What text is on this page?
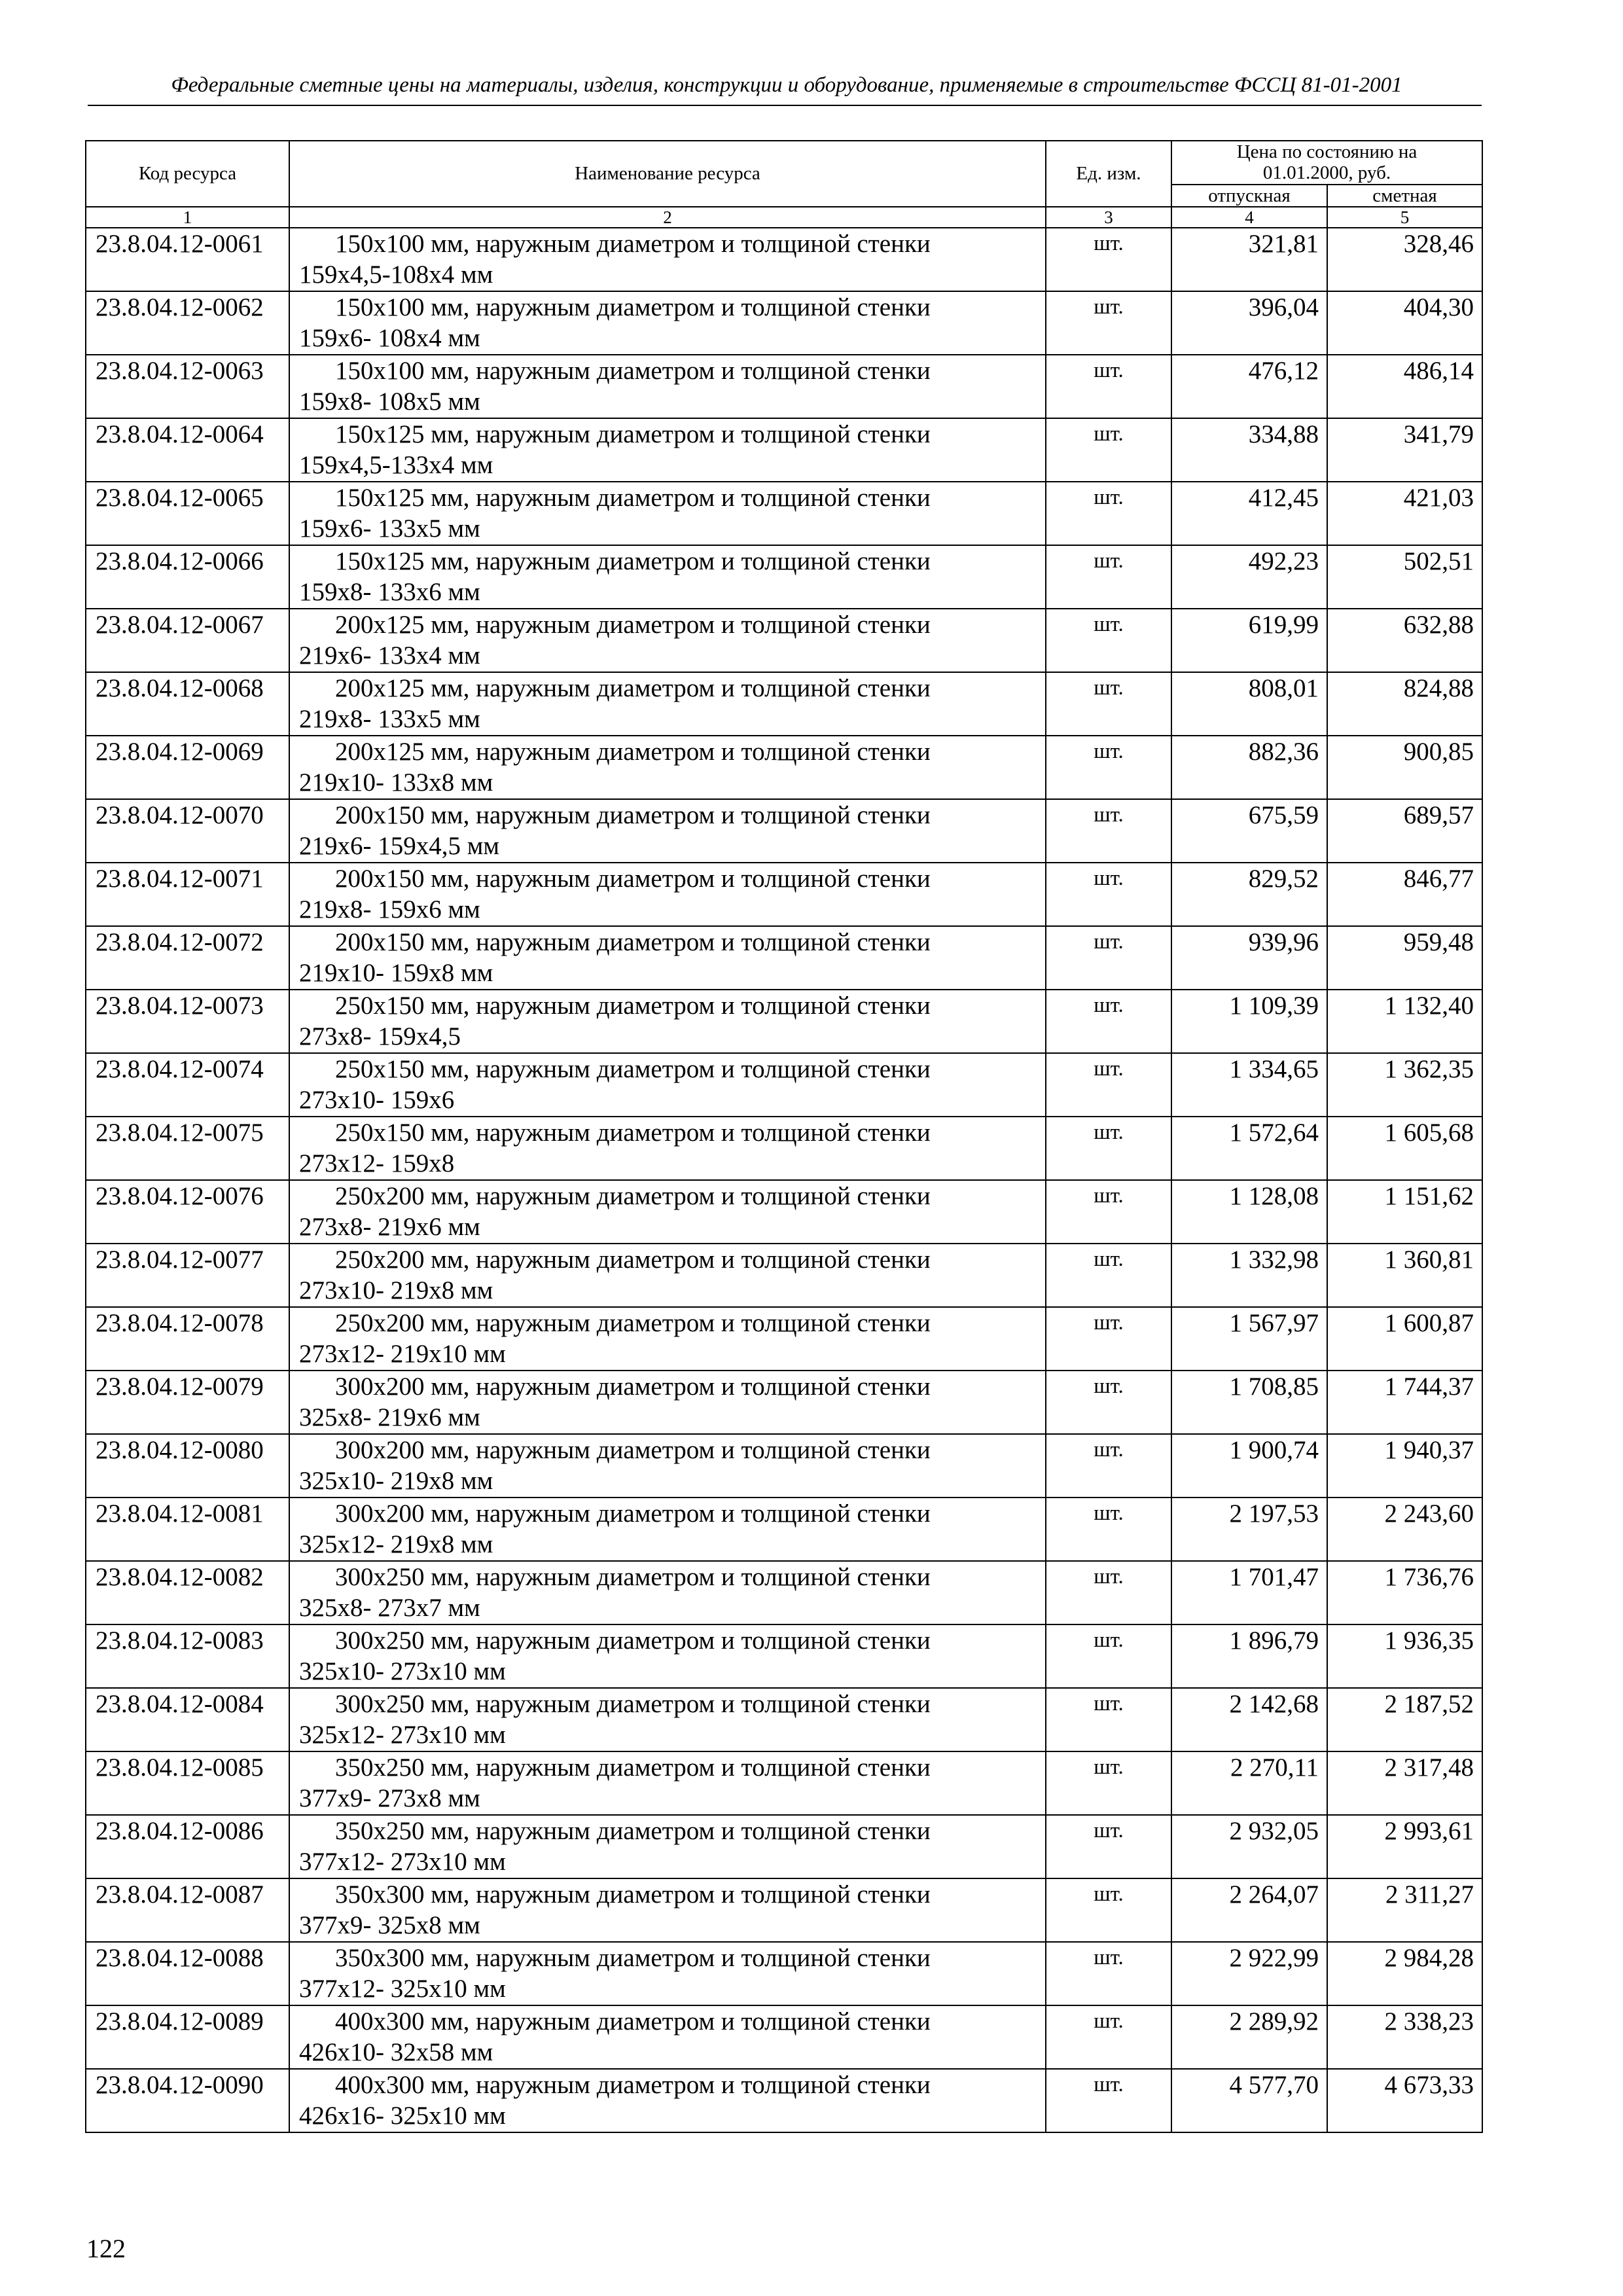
Федеральные сметные цены на материалы, изделия, конструкции и оборудование, применяемые в строительстве ФССЦ 81-01-2001
Код ресурса	Наименование ресурса	Ед. изм.	Цена по состоянию на
01.01.2000, руб.	
			отпускная	сметная
1	2	3	4	5
23.8.04.12-0061	150x100 мм, наружным диаметром и толщиной стенки
159x4,5-108x4 мм	шт.	321,81	328,46
23.8.04.12-0062	150x100 мм, наружным диаметром и толщиной стенки
159x6- 108x4 мм	шт.	396,04	404,30
23.8.04.12-0063	150x100 мм, наружным диаметром и толщиной стенки
159x8- 108x5 мм	шт.	476,12	486,14
23.8.04.12-0064	150x125 мм, наружным диаметром и толщиной стенки
159x4,5-133x4 мм	шт.	334,88	341,79
23.8.04.12-0065	150x125 мм, наружным диаметром и толщиной стенки
159x6- 133x5 мм	шт.	412,45	421,03
23.8.04.12-0066	150x125 мм, наружным диаметром и толщиной стенки
159x8- 133x6 мм	шт.	492,23	502,51
23.8.04.12-0067	200x125 мм, наружным диаметром и толщиной стенки
219x6- 133x4 мм	шт.	619,99	632,88
23.8.04.12-0068	200x125 мм, наружным диаметром и толщиной стенки
219x8- 133x5 мм	шт.	808,01	824,88
23.8.04.12-0069	200x125 мм, наружным диаметром и толщиной стенки
219x10- 133x8 мм	шт.	882,36	900,85
23.8.04.12-0070	200x150 мм, наружным диаметром и толщиной стенки
219x6- 159x4,5 мм	шт.	675,59	689,57
23.8.04.12-0071	200x150 мм, наружным диаметром и толщиной стенки
219x8- 159x6 мм	шт.	829,52	846,77
23.8.04.12-0072	200x150 мм, наружным диаметром и толщиной стенки
219x10- 159x8 мм	шт.	939,96	959,48
23.8.04.12-0073	250x150 мм, наружным диаметром и толщиной стенки
273x8- 159x4,5	шт.	1 109,39	1 132,40
23.8.04.12-0074	250x150 мм, наружным диаметром и толщиной стенки
273x10- 159x6	шт.	1 334,65	1 362,35
23.8.04.12-0075	250x150 мм, наружным диаметром и толщиной стенки
273x12- 159x8	шт.	1 572,64	1 605,68
23.8.04.12-0076	250x200 мм, наружным диаметром и толщиной стенки
273x8- 219x6 мм	шт.	1 128,08	1 151,62
23.8.04.12-0077	250x200 мм, наружным диаметром и толщиной стенки
273x10- 219x8 мм	шт.	1 332,98	1 360,81
23.8.04.12-0078	250x200 мм, наружным диаметром и толщиной стенки
273x12- 219x10 мм	шт.	1 567,97	1 600,87
23.8.04.12-0079	300x200 мм, наружным диаметром и толщиной стенки
325x8- 219x6 мм	шт.	1 708,85	1 744,37
23.8.04.12-0080	300x200 мм, наружным диаметром и толщиной стенки
325x10- 219x8 мм	шт.	1 900,74	1 940,37
23.8.04.12-0081	300x200 мм, наружным диаметром и толщиной стенки
325x12- 219x8 мм	шт.	2 197,53	2 243,60
23.8.04.12-0082	300x250 мм, наружным диаметром и толщиной стенки
325x8- 273x7 мм	шт.	1 701,47	1 736,76
23.8.04.12-0083	300x250 мм, наружным диаметром и толщиной стенки
325x10- 273x10 мм	шт.	1 896,79	1 936,35
23.8.04.12-0084	300x250 мм, наружным диаметром и толщиной стенки
325x12- 273x10 мм	шт.	2 142,68	2 187,52
23.8.04.12-0085	350x250 мм, наружным диаметром и толщиной стенки
377x9- 273x8 мм	шт.	2 270,11	2 317,48
23.8.04.12-0086	350x250 мм, наружным диаметром и толщиной стенки
377x12- 273x10 мм	шт.	2 932,05	2 993,61
23.8.04.12-0087	350x300 мм, наружным диаметром и толщиной стенки
377x9- 325x8 мм	шт.	2 264,07	2 311,27
23.8.04.12-0088	350x300 мм, наружным диаметром и толщиной стенки
377x12- 325x10 мм	шт.	2 922,99	2 984,28
23.8.04.12-0089	400x300 мм, наружным диаметром и толщиной стенки
426x10- 32x58 мм	шт.	2 289,92	2 338,23
23.8.04.12-0090	400x300 мм, наружным диаметром и толщиной стенки
426x16- 325x10 мм	шт.	4 577,70	4 673,33
122
